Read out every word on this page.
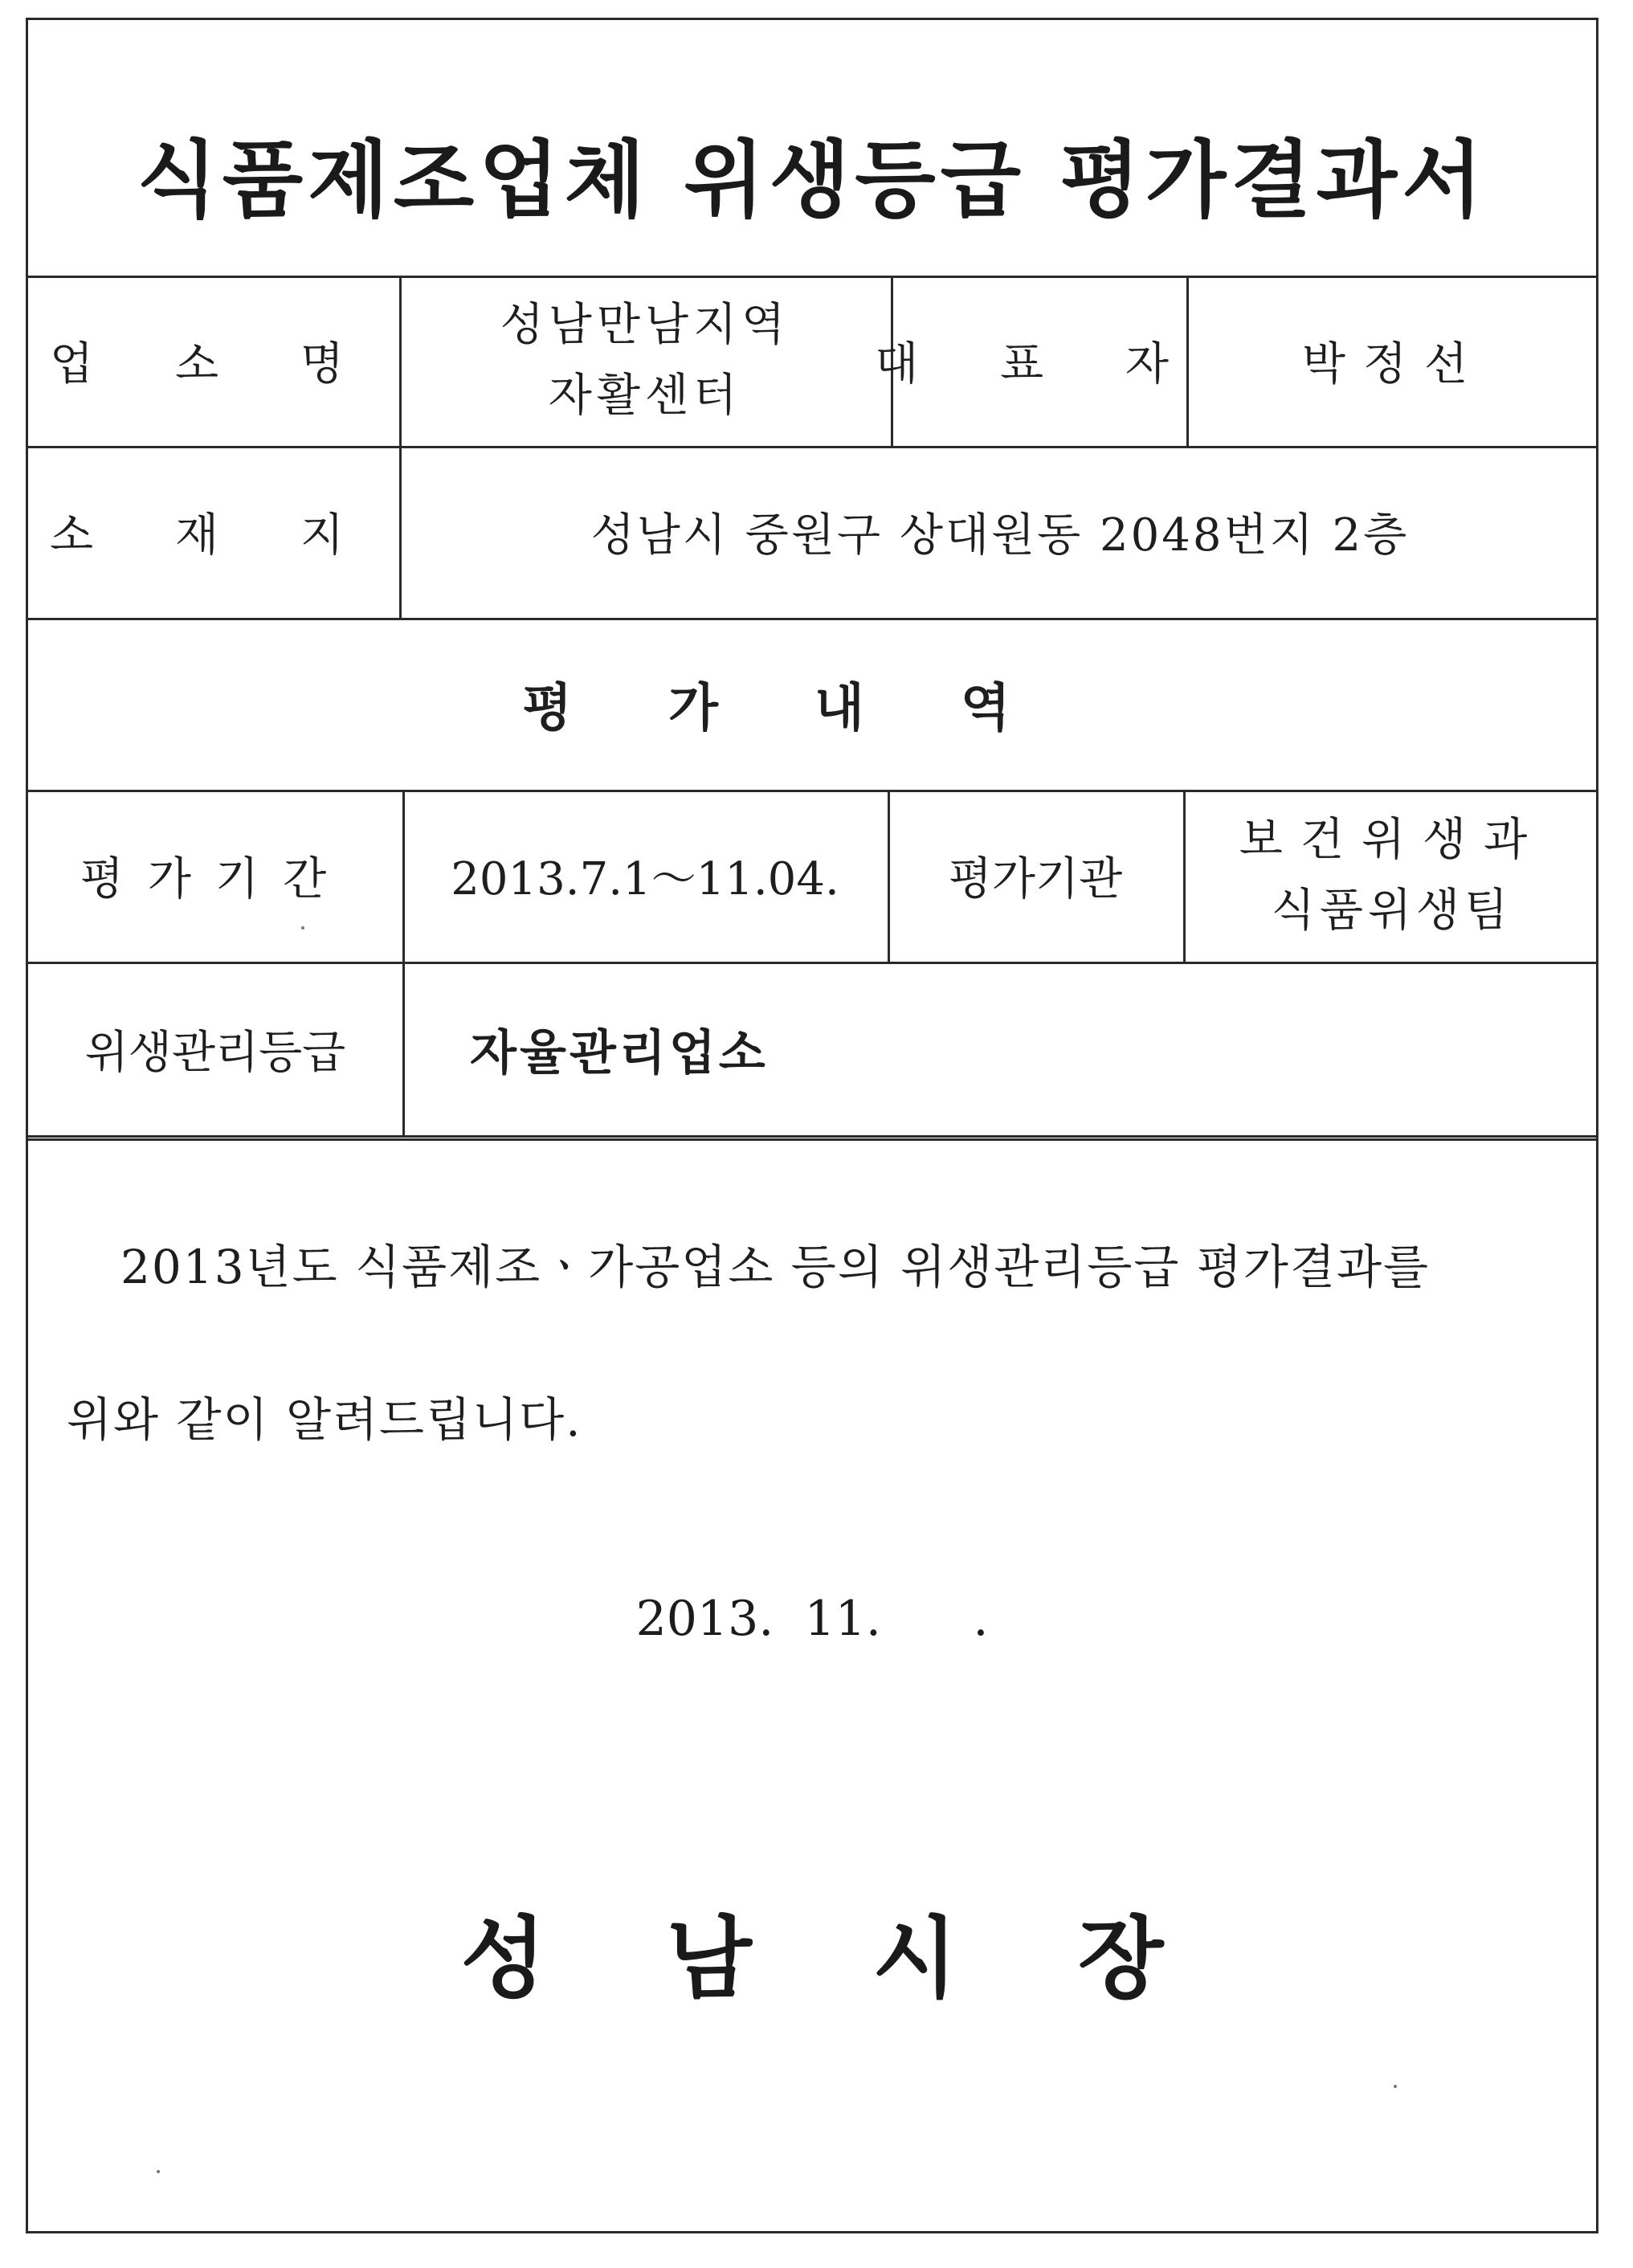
식품제조업체 위생등급 평가결과서
업 소 명
성남만남지역
자활센터
대 표 자 박정선
소 재 지	성남시 중원구 상대원동 2048번지 2층
평가내역
평가기간 2013.7.1～11.04. 평가기관
보건위생과
식품위생팀
위생관리등급	자율관리업소
2013년도 식품제조ㆍ가공업소 등의 위생관리등급 평가결과를
위와 같이 알려드립니다.
2013.  11.      .
성남시장
